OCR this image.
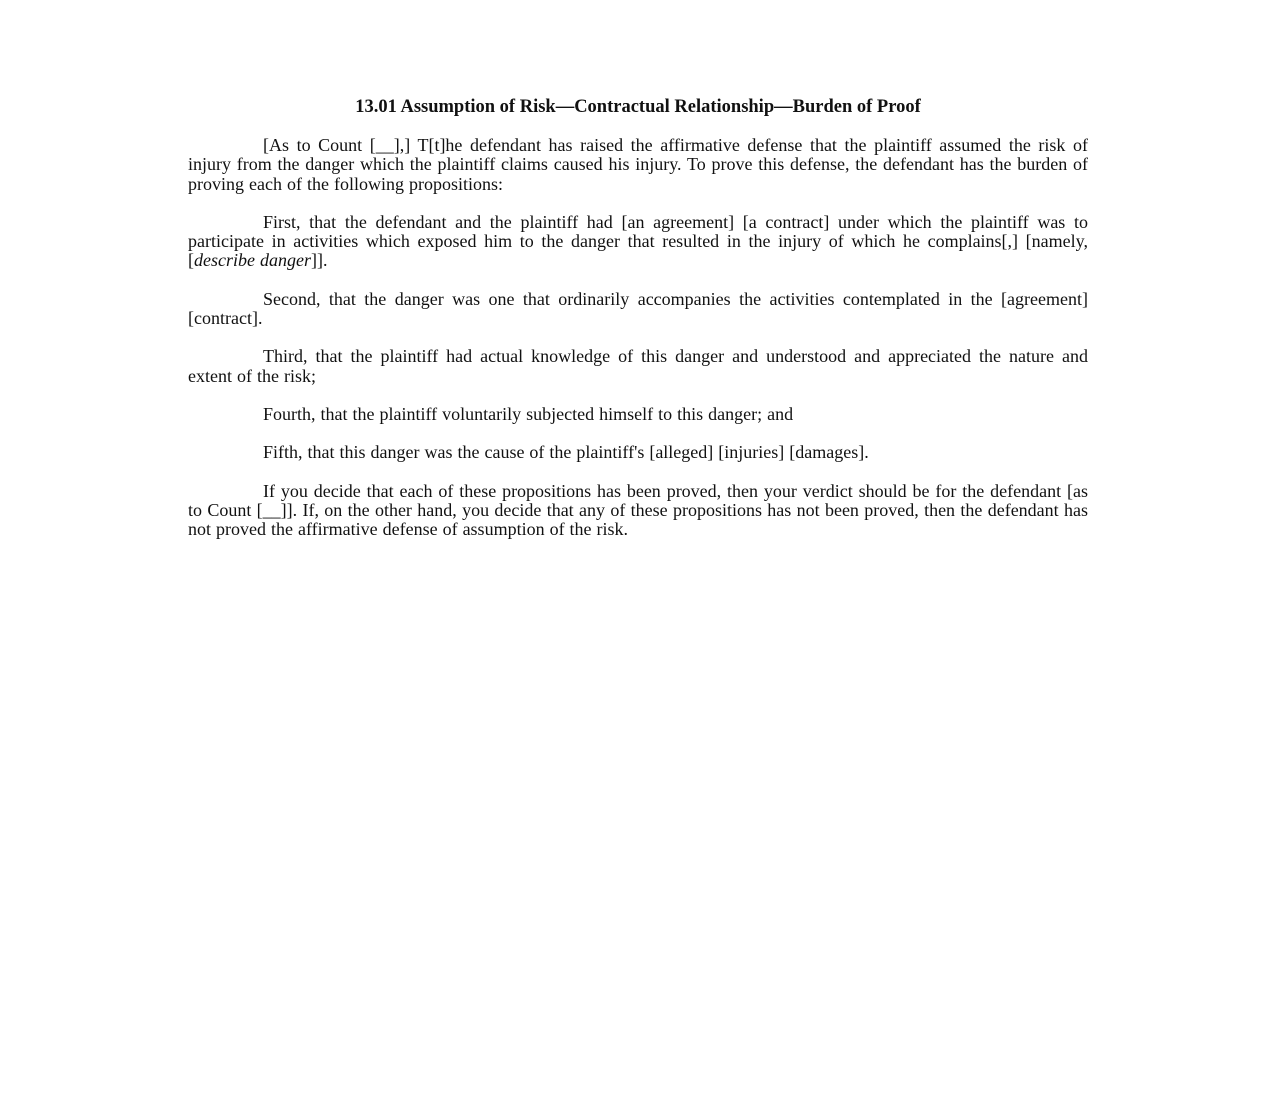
13.01 Assumption of Risk—Contractual Relationship—Burden of Proof

[As to Count [__],] T[t]he defendant has raised the affirmative defense that the plaintiff assumed the risk of injury from the danger which the plaintiff claims caused his injury. To prove this defense, the defendant has the burden of proving each of the following propositions:

First, that the defendant and the plaintiff had [an agreement] [a contract] under which the plaintiff was to participate in activities which exposed him to the danger that resulted in the injury of which he complains[,] [namely, [describe danger]].

Second, that the danger was one that ordinarily accompanies the activities contemplated in the [agreement] [contract].

Third, that the plaintiff had actual knowledge of this danger and understood and appreciated the nature and extent of the risk;

Fourth, that the plaintiff voluntarily subjected himself to this danger; and

Fifth, that this danger was the cause of the plaintiff's [alleged] [injuries] [damages].

If you decide that each of these propositions has been proved, then your verdict should be for the defendant [as to Count [__]]. If, on the other hand, you decide that any of these propositions has not been proved, then the defendant has not proved the affirmative defense of assumption of the risk.
